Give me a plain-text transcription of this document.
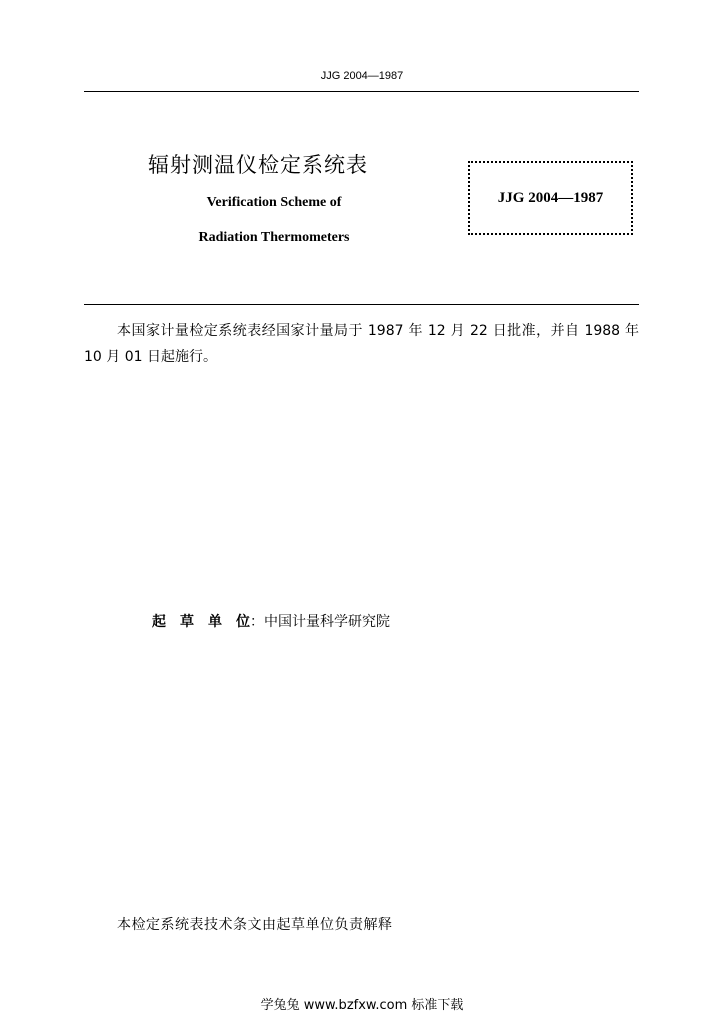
JJG 2004—1987
辐射测温仪检定系统表
Verification Scheme of
Radiation Thermometers
JJG 2004—1987
本国家计量检定系统表经国家计量局于 1987 年 12 月 22 日批准，并自 1988 年 10 月 01 日起施行。
起草单位：中国计量科学研究院
本检定系统表技术条文由起草单位负责解释
学兔兔 www.bzfxw.com 标准下载
